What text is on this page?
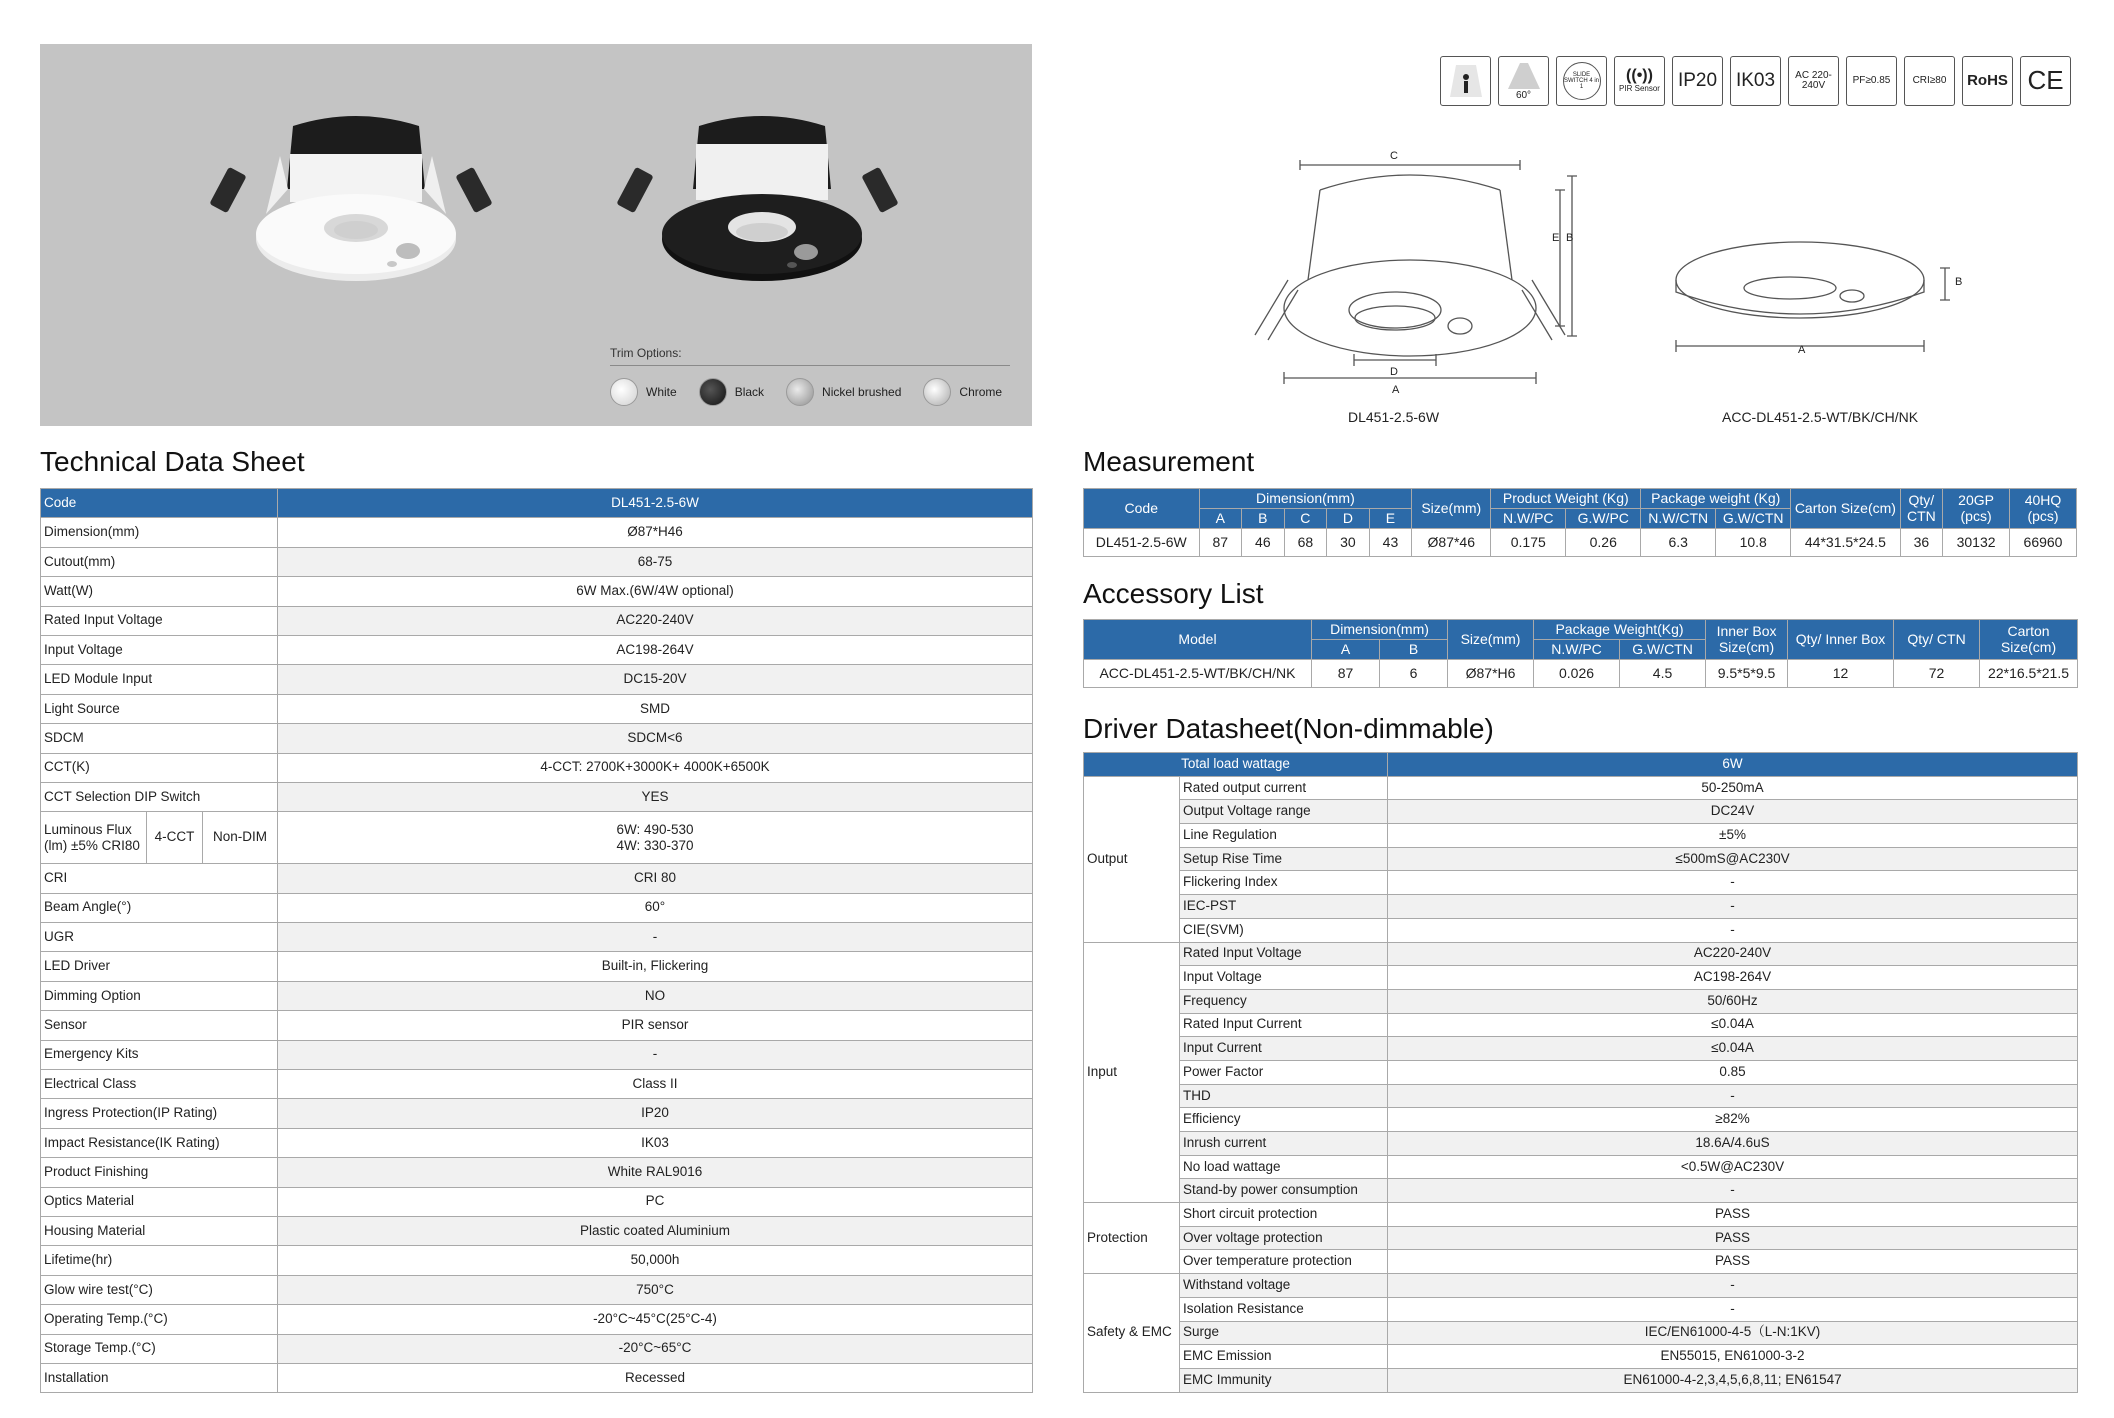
Trim Options:
White	Black	Nickel brushed	Chrome
60°
SLIDE SWITCH 4 in 1
((•))
PIR Sensor IP20 IK03	AC 220-240V	PF≥0.85	CRI≥80	RoHS CE
C
E B
D
A
A
B
DL451-2.5-6W	ACC-DL451-2.5-WT/BK/CH/NK
Technical Data Sheet	Measurement
Accessory List
Driver Datasheet(Non-dimmable)
Code			DL451-2.5-6W
Dimension(mm)			Ø87*H46
Cutout(mm)			68-75
Watt(W)			6W Max.(6W/4W optional)
Rated Input Voltage			AC220-240V
Input Voltage			AC198-264V
LED Module Input			DC15-20V
Light Source			SMD
SDCM			SDCM<6
CCT(K)			4-CCT: 2700K+3000K+ 4000K+6500K
CCT Selection DIP Switch			YES
Luminous Flux (lm) ±5% CRI80	4-CCT	Non-DIM	6W: 490-530
4W: 330-370

CRI			CRI 80
Beam Angle(°)			60°
UGR			-
LED Driver			Built-in, Flickering
Dimming Option			NO
Sensor			PIR sensor
Emergency Kits			-
Electrical Class			Class II
Ingress Protection(IP Rating)			IP20
Impact Resistance(IK Rating)			IK03
Product Finishing			White RAL9016
Optics Material			PC
Housing Material			Plastic coated Aluminium
Lifetime(hr)			50,000h
Glow wire test(°C)			750°C
Operating Temp.(°C)			-20°C~45°C(25°C-4)
Storage Temp.(°C)			-20°C~65°C
Installation			Recessed
Code	Dimension(mm)					Size(mm)	Product Weight (Kg)		Package weight (Kg)		Carton Size(cm)	Qty/ CTN	20GP (pcs)	40HQ (pcs)
	A	B	C	D	E		N.W/PC	G.W/PC	N.W/CTN	G.W/CTN				
DL451-2.5-6W	87	46	68	30	43	Ø87*46	0.175	0.26	6.3	10.8	44*31.5*24.5	36	30132	66960
Model	Dimension(mm)		Size(mm)	Package Weight(Kg)		Inner Box Size(cm)	Qty/ Inner Box	Qty/ CTN	Carton Size(cm)
	A	B		N.W/PC	G.W/CTN				
ACC-DL451-2.5-WT/BK/CH/NK	87	6	Ø87*H6	0.026	4.5	9.5*5*9.5	12	72	22*16.5*21.5
Total load wattage		6W
Output	Rated output current	50-250mA
	Output Voltage range	DC24V
	Line Regulation	±5%
	Setup Rise Time	≤500mS@AC230V
	Flickering Index	-
	IEC-PST	-
	CIE(SVM)	-
Input	Rated Input Voltage	AC220-240V
	Input Voltage	AC198-264V
	Frequency	50/60Hz
	Rated Input Current	≤0.04A
	Input Current	≤0.04A
	Power Factor	0.85
	THD	-
	Efficiency	≥82%
	Inrush current	18.6A/4.6uS
	No load wattage	<0.5W@AC230V
	Stand-by power consumption	-
Protection	Short circuit protection	PASS
	Over voltage protection	PASS
	Over temperature protection	PASS
Safety & EMC	Withstand voltage	-
	Isolation Resistance	-
	Surge	IEC/EN61000-4-5（L-N:1KV)
	EMC Emission	EN55015, EN61000-3-2
	EMC Immunity	EN61000-4-2,3,4,5,6,8,11; EN61547
